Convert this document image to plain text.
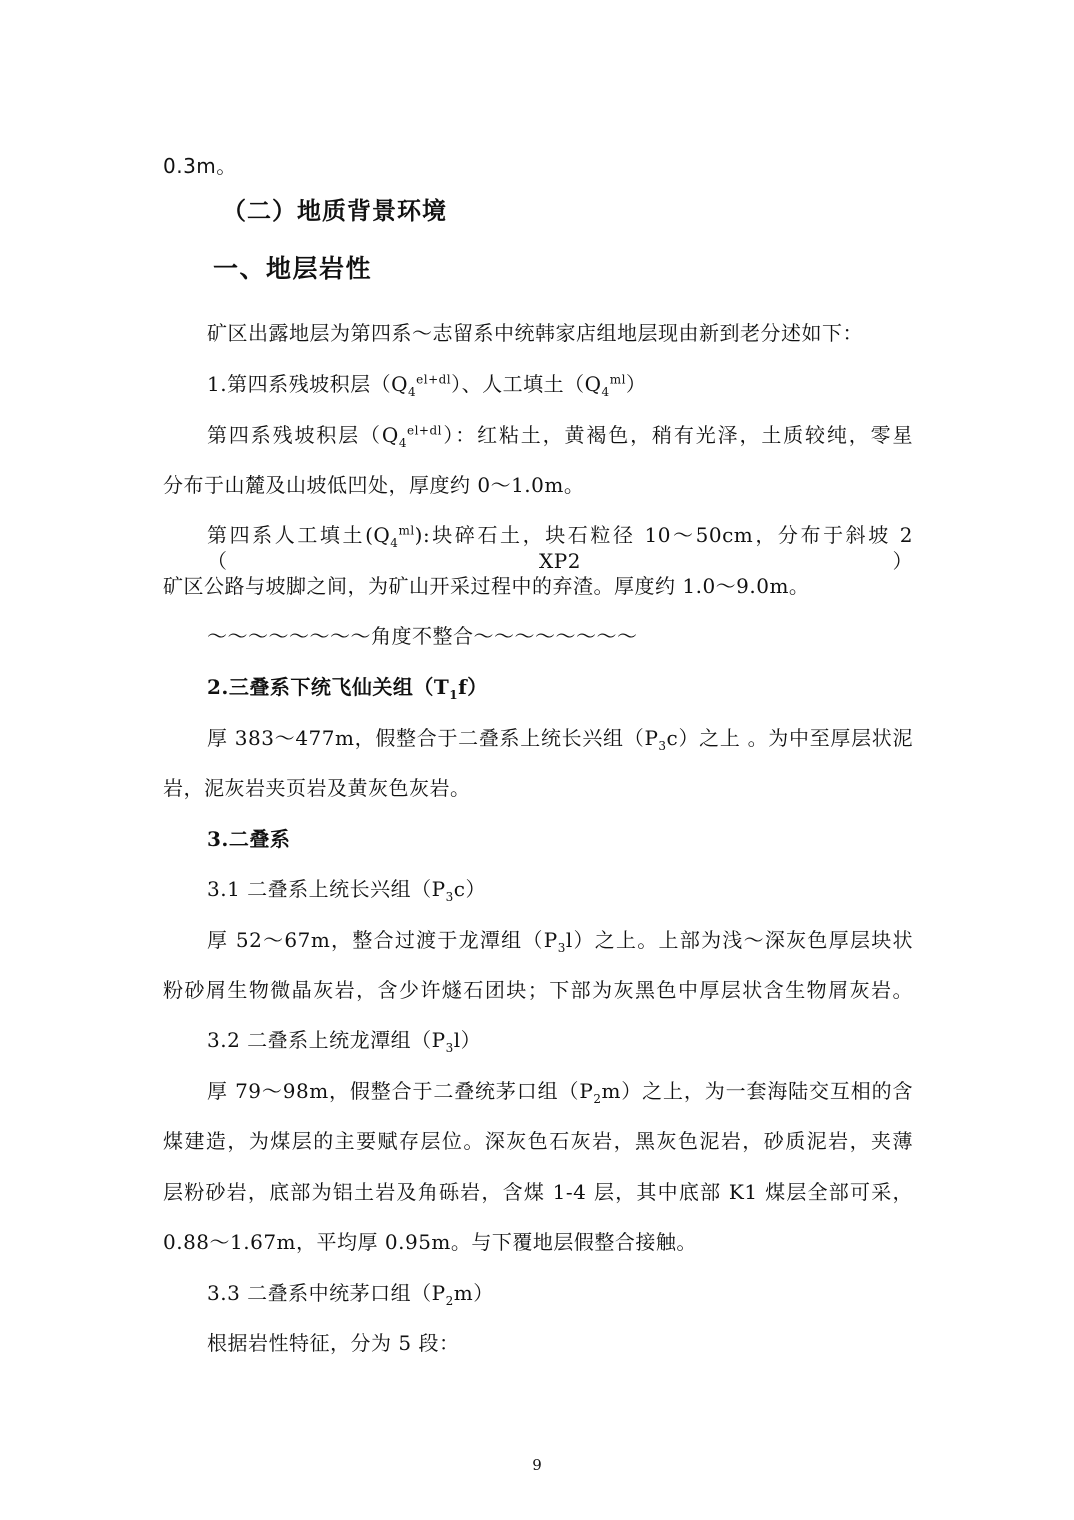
0.3m。
（二）地质背景环境
一、地层岩性
矿区出露地层为第四系～志留系中统韩家店组地层现由新到老分述如下：
1.第四系残坡积层$(Q_4^{el+dl})$、人工填土$(Q_4^{ml})$
第四系残坡积层$(Q_4^{el+dl})$：红粘土，黄褐色，稍有光泽，土质较纯，零星
分布于山麓及山坡低凹处，厚度约 0～1.0m。
第四系人工填土$(Q_4^{ml})$:块碎石土，块石粒径 10～50cm，分布于斜坡 2（XP2）
矿区公路与坡脚之间，为矿山开采过程中的弃渣。厚度约 1.0～9.0m。
～～～～～～～～角度不整合～～～～～～～～
2.三叠系下统飞仙关组$(T_1f)$
厚 383～477m，假整合于二叠系上统长兴组$(P_3c)$之上 。为中至厚层状泥
岩，泥灰岩夹页岩及黄灰色灰岩。
3.二叠系
3.1 二叠系上统长兴组$(P_3c)$
厚 52～67m，整合过渡于龙潭组$(P_3l)$之上。上部为浅～深灰色厚层块状
粉砂屑生物微晶灰岩，含少许燧石团块；下部为灰黑色中厚层状含生物屑灰岩。
3.2 二叠系上统龙潭组$(P_3l)$
厚 79～98m，假整合于二叠统茅口组$(P_2m)$之上，为一套海陆交互相的含
煤建造，为煤层的主要赋存层位。深灰色石灰岩，黑灰色泥岩，砂质泥岩，夹薄
层粉砂岩，底部为铝土岩及角砾岩，含煤 1-4 层，其中底部 K1 煤层全部可采，
0.88～1.67m，平均厚 0.95m。与下覆地层假整合接触。
3.3 二叠系中统茅口组$(P_2m)$
根据岩性特征，分为 5 段：
9
